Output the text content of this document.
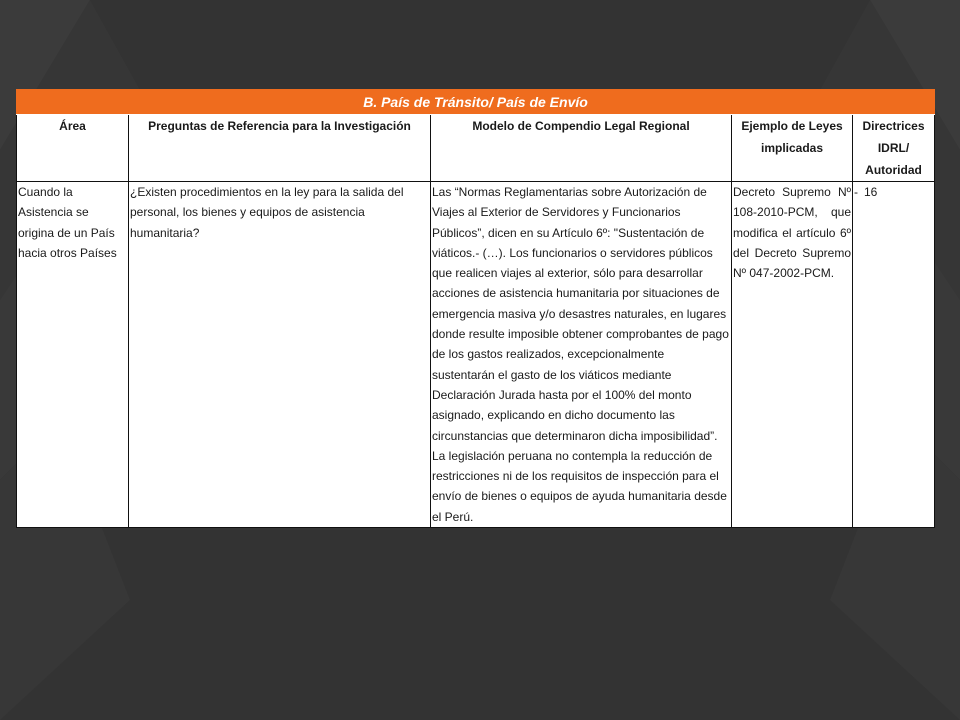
B. País de Tránsito/ País de Envío				
Área	Preguntas de Referencia para la Investigación	Modelo de Compendio Legal Regional	Ejemplo de Leyes implicadas	Directrices IDRL/ Autoridad
Cuando la Asistencia se origina de un País hacia otros Países	¿Existen procedimientos en la ley para la salida del personal, los bienes y equipos de asistencia humanitaria?	Las “Normas Reglamentarias sobre Autorización de Viajes al Exterior de Servidores y Funcionarios Públicos”, dicen en su Artículo 6º: "Sustentación de viáticos.- (…). Los funcionarios o servidores públicos que realicen viajes al exterior, sólo para desarrollar acciones de asistencia humanitaria por situaciones de emergencia masiva y/o desastres naturales, en lugares donde resulte imposible obtener comprobantes de pago de los gastos realizados, excepcionalmente sustentarán el gasto de los viáticos mediante Declaración Jurada hasta por el 100% del monto asignado, explicando en dicho documento las circunstancias que determinaron dicha imposibilidad”. La legislación peruana no contempla la reducción de restricciones ni de los requisitos de inspección para el envío de bienes o equipos de ayuda humanitaria desde el Perú.	Decreto Supremo Nº 108-2010-PCM, que modifica el artículo 6º del Decreto Supremo Nº 047-2002-PCM.	- 16
